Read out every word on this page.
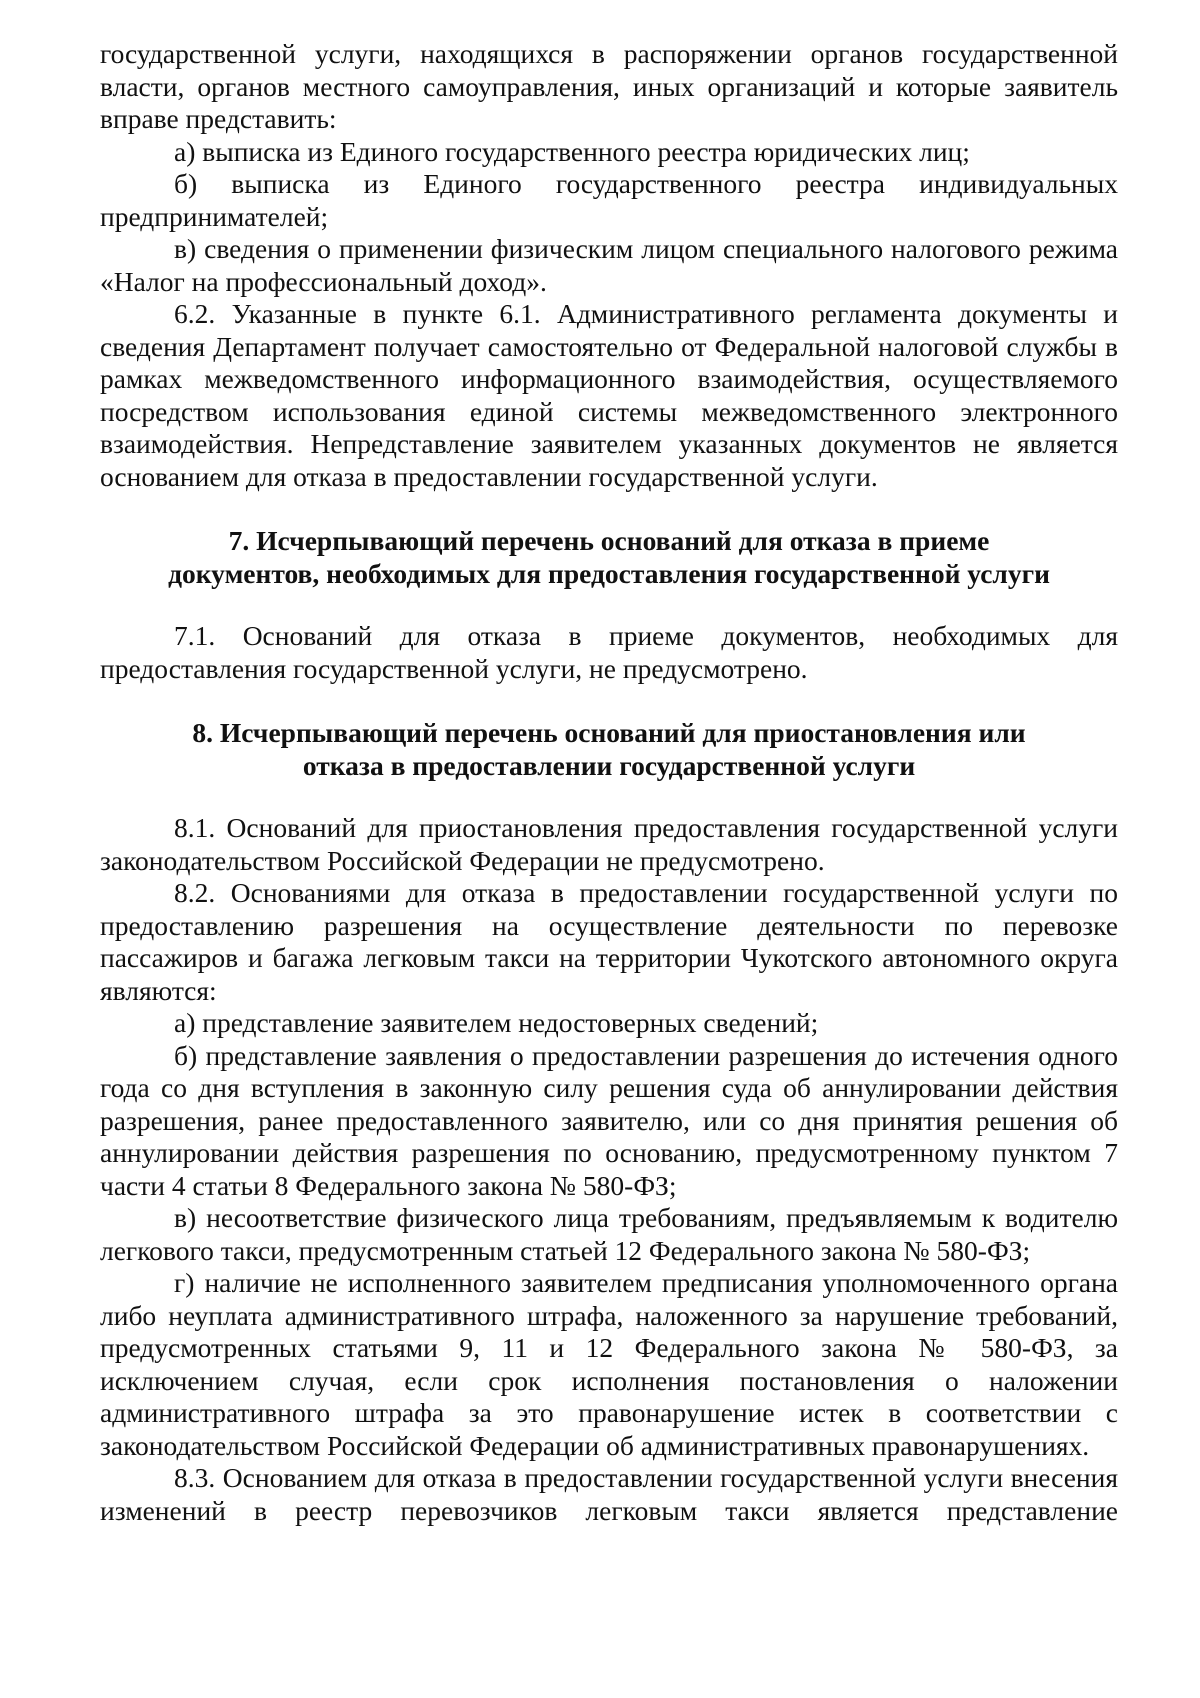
государственной услуги, находящихся в распоряжении органов государственной власти, органов местного самоуправления, иных организаций и которые заявитель вправе представить:

а) выписка из Единого государственного реестра юридических лиц;

б) выписка из Единого государственного реестра индивидуальных предпринимателей;

в) сведения о применении физическим лицом специального налогового режима «Налог на профессиональный доход».

6.2. Указанные в пункте 6.1. Административного регламента документы и сведения Департамент получает самостоятельно от Федеральной налоговой службы в рамках межведомственного информационного взаимодействия, осуществляемого посредством использования единой системы межведомственного электронного взаимодействия. Непредставление заявителем указанных документов не является основанием для отказа в предоставлении государственной услуги.

7. Исчерпывающий перечень оснований для отказа в приеме
документов, необходимых для предоставления государственной услуги

7.1. Оснований для отказа в приеме документов, необходимых для предоставления государственной услуги, не предусмотрено.

8. Исчерпывающий перечень оснований для приостановления или
отказа в предоставлении государственной услуги

8.1. Оснований для приостановления предоставления государственной услуги законодательством Российской Федерации не предусмотрено.

8.2. Основаниями для отказа в предоставлении государственной услуги по предоставлению разрешения на осуществление деятельности по перевозке пассажиров и багажа легковым такси на территории Чукотского автономного округа являются:

а) представление заявителем недостоверных сведений;

б) представление заявления о предоставлении разрешения до истечения одного года со дня вступления в законную силу решения суда об аннулировании действия разрешения, ранее предоставленного заявителю, или со дня принятия решения об аннулировании действия разрешения по основанию, предусмотренному пунктом 7 части 4 статьи 8 Федерального закона № 580-ФЗ;

в) несоответствие физического лица требованиям, предъявляемым к водителю легкового такси, предусмотренным статьей 12 Федерального закона № 580-ФЗ;

г) наличие не исполненного заявителем предписания уполномоченного органа либо неуплата административного штрафа, наложенного за нарушение требований, предусмотренных статьями 9, 11 и 12 Федерального закона № 580-ФЗ, за исключением случая, если срок исполнения постановления о наложении административного штрафа за это правонарушение истек в соответствии с законодательством Российской Федерации об административных правонарушениях.

8.3. Основанием для отказа в предоставлении государственной услуги внесения изменений в реестр перевозчиков легковым такси является представление
